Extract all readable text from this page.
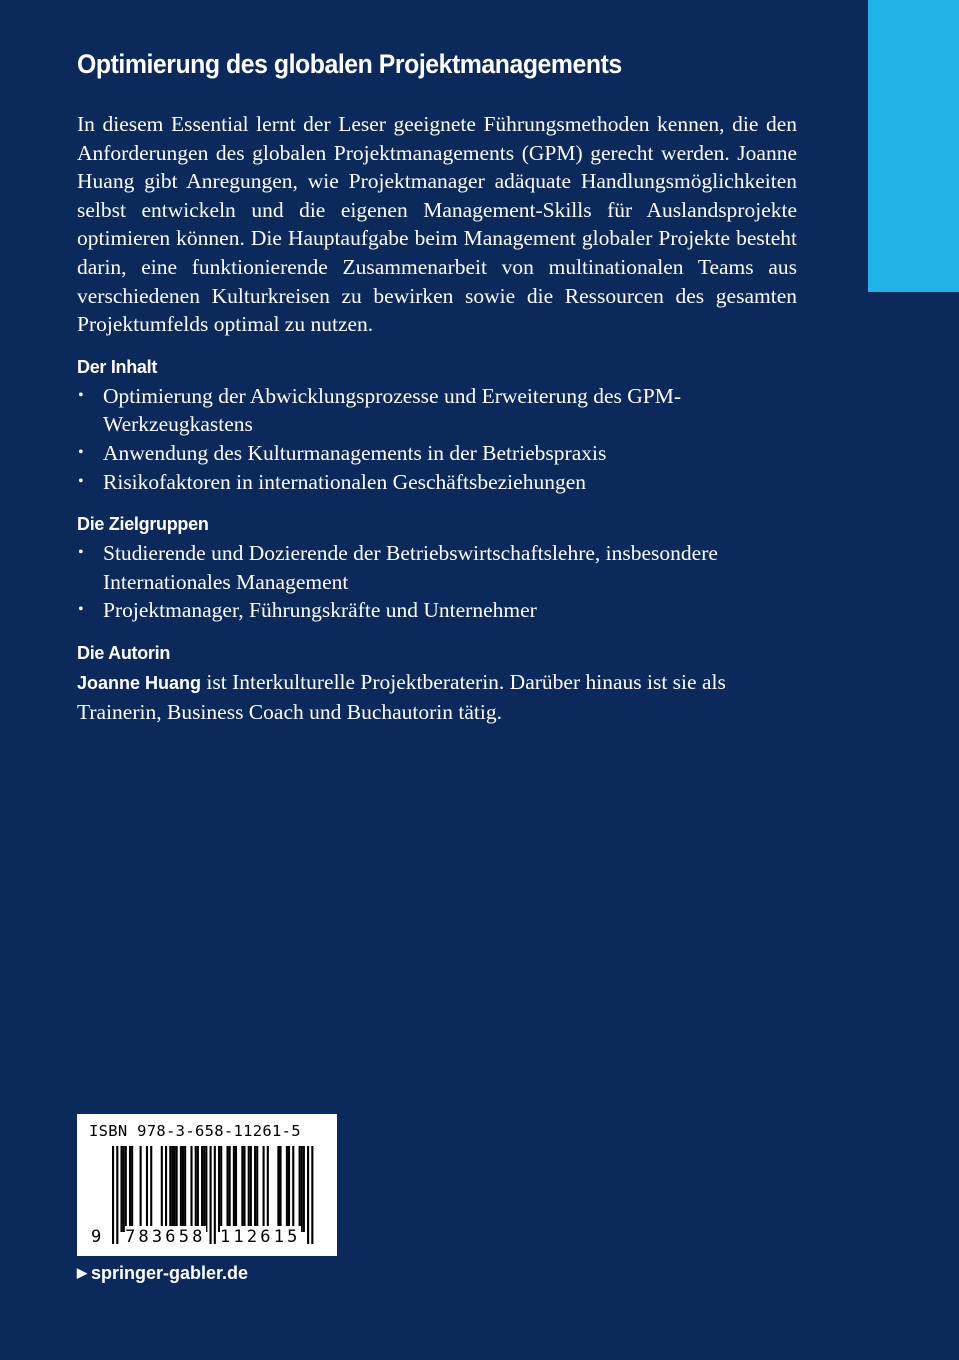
Optimierung des globalen Projektmanagements

In diesem Essential lernt der Leser geeignete Führungsmethoden kennen, die den Anforderungen des globalen Projektmanagements (GPM) gerecht werden. Joanne Huang gibt Anregungen, wie Projektmanager adäquate Handlungsmöglichkeiten selbst entwickeln und die eigenen Management-Skills für Auslandsprojekte optimieren können. Die Hauptaufgabe beim Management globaler Projekte besteht darin, eine funktionierende Zusammenarbeit von multinationalen Teams aus verschiedenen Kulturkreisen zu bewirken sowie die Ressourcen des gesamten Projektumfelds optimal zu nutzen.

Der Inhalt
• Optimierung der Abwicklungsprozesse und Erweiterung des GPM-Werkzeugkastens
• Anwendung des Kulturmanagements in der Betriebspraxis
• Risikofaktoren in internationalen Geschäftsbeziehungen
Die Zielgruppen
• Studierende und Dozierende der Betriebswirtschaftslehre, insbesondere Internationales Management
• Projektmanager, Führungskräfte und Unternehmer
Die Autorin

Joanne Huang ist Interkulturelle Projektberaterin. Darüber hinaus ist sie als Trainerin, Business Coach und Buchautorin tätig.

ISBN 978-3-658-11261-5
9 783658 112615
▶ springer-gabler.de
